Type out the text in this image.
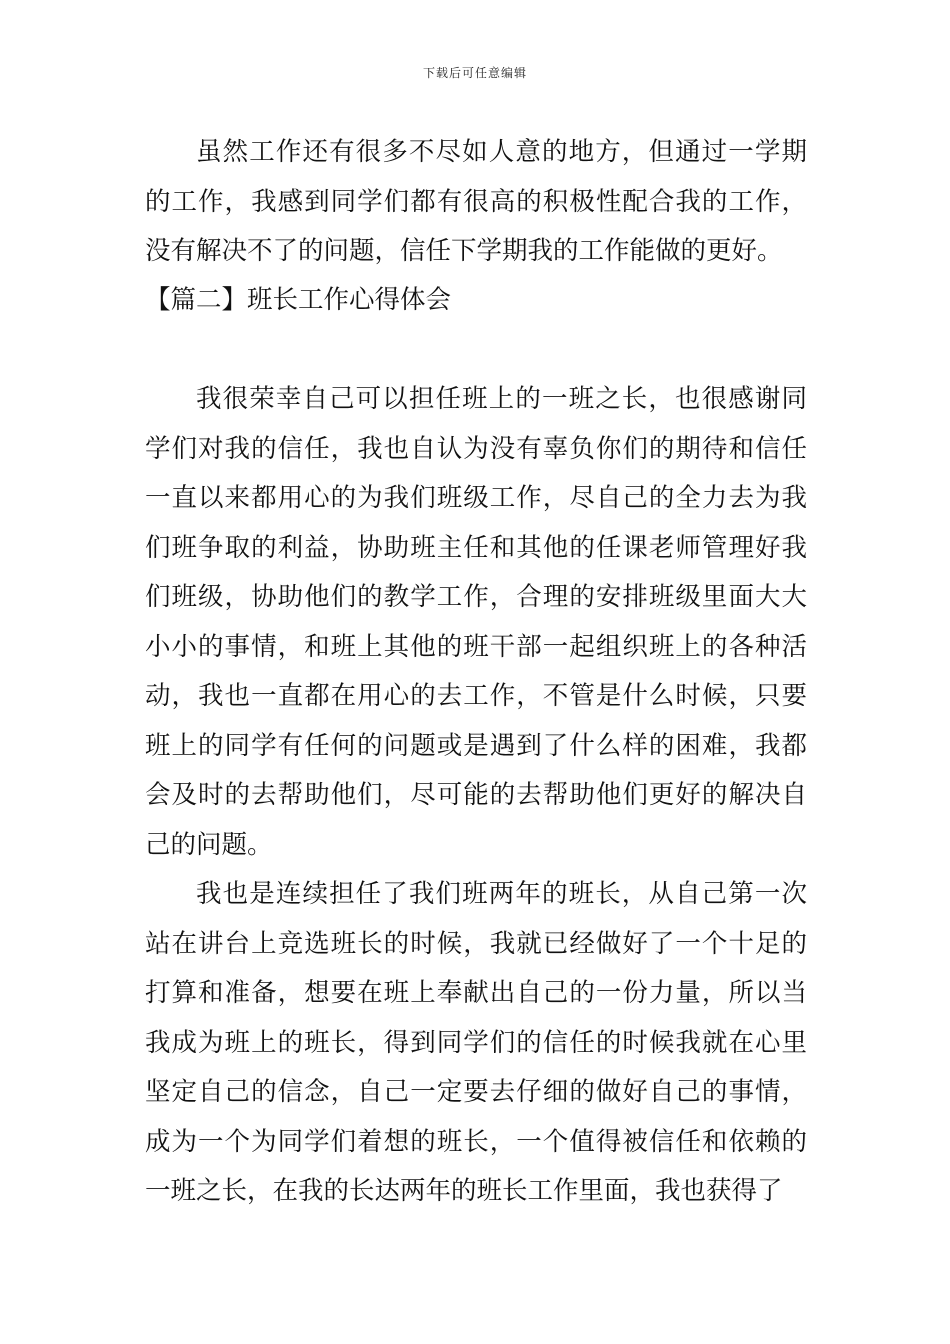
下载后可任意编辑

虽然工作还有很多不尽如人意的地方，但通过一学期的工作，我感到同学们都有很高的积极性配合我的工作，没有解决不了的问题，信任下学期我的工作能做的更好。

【篇二】班长工作心得体会

我很荣幸自己可以担任班上的一班之长，也很感谢同学们对我的信任，我也自认为没有辜负你们的期待和信任一直以来都用心的为我们班级工作，尽自己的全力去为我们班争取的利益，协助班主任和其他的任课老师管理好我们班级，协助他们的教学工作，合理的安排班级里面大大小小的事情，和班上其他的班干部一起组织班上的各种活动，我也一直都在用心的去工作，不管是什么时候，只要班上的同学有任何的问题或是遇到了什么样的困难，我都会及时的去帮助他们，尽可能的去帮助他们更好的解决自己的问题。

我也是连续担任了我们班两年的班长，从自己第一次站在讲台上竞选班长的时候，我就已经做好了一个十足的打算和准备，想要在班上奉献出自己的一份力量，所以当我成为班上的班长，得到同学们的信任的时候我就在心里坚定自己的信念，自己一定要去仔细的做好自己的事情，成为一个为同学们着想的班长，一个值得被信任和依赖的一班之长，在我的长达两年的班长工作里面，我也获得了
